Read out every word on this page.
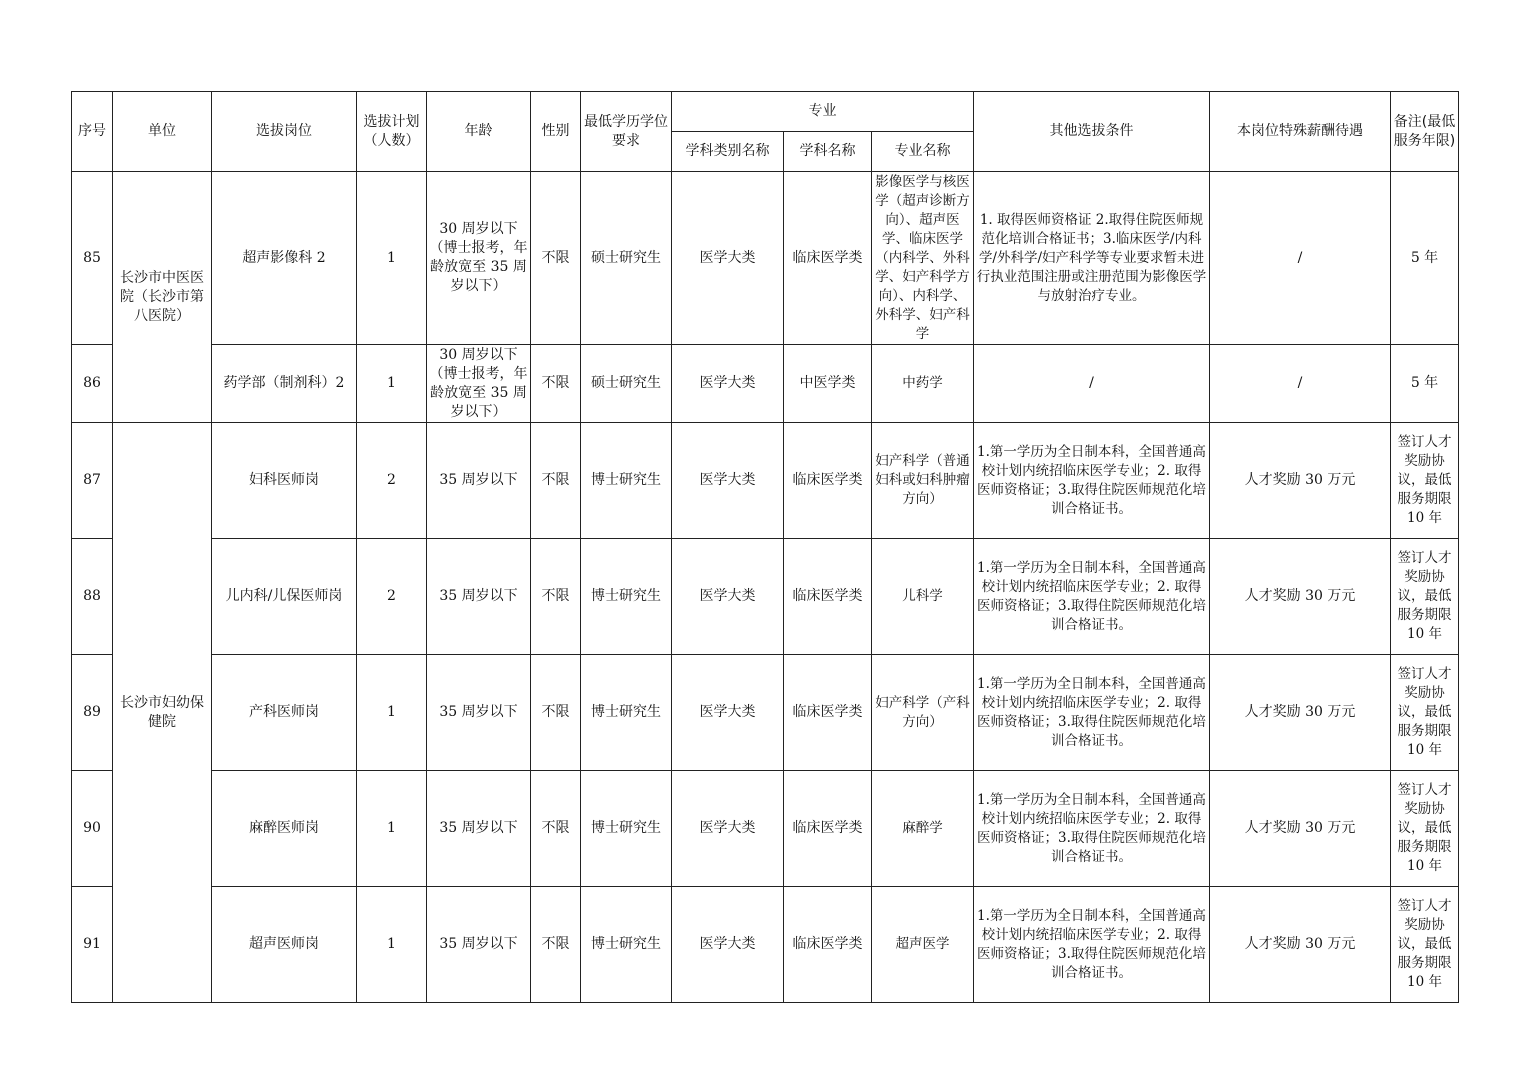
序号	单位	选拔岗位	选拔计划（人数）	年龄	性别	最低学历学位要求	专业			其他选拔条件	本岗位特殊薪酬待遇	备注(最低服务年限)
							学科类别名称	学科名称	专业名称			
85	长沙市中医医院（长沙市第八医院）	超声影像科 2	1	30 周岁以下（博士报考，年龄放宽至 35 周岁以下）	不限	硕士研究生	医学大类	临床医学类	影像医学与核医学（超声诊断方向）、超声医学、临床医学（内科学、外科学、妇产科学方向）、内科学、外科学、妇产科学	1. 取得医师资格证 2.取得住院医师规范化培训合格证书；3.临床医学/内科学/外科学/妇产科学等专业要求暂未进行执业范围注册或注册范围为影像医学与放射治疗专业。	/	5 年
86		药学部（制剂科）2	1	30 周岁以下（博士报考，年龄放宽至 35 周岁以下）	不限	硕士研究生	医学大类	中医学类	中药学	/	/	5 年
87	长沙市妇幼保健院	妇科医师岗	2	35 周岁以下	不限	博士研究生	医学大类	临床医学类	妇产科学（普通妇科或妇科肿瘤方向）	1.第一学历为全日制本科，全国普通高校计划内统招临床医学专业；2. 取得医师资格证；3.取得住院医师规范化培训合格证书。	人才奖励 30 万元	签订人才奖励协议，最低服务期限 10 年
88		儿内科/儿保医师岗	2	35 周岁以下	不限	博士研究生	医学大类	临床医学类	儿科学	1.第一学历为全日制本科，全国普通高校计划内统招临床医学专业；2. 取得医师资格证；3.取得住院医师规范化培训合格证书。	人才奖励 30 万元	签订人才奖励协议，最低服务期限 10 年
89		产科医师岗	1	35 周岁以下	不限	博士研究生	医学大类	临床医学类	妇产科学（产科方向）	1.第一学历为全日制本科，全国普通高校计划内统招临床医学专业；2. 取得医师资格证；3.取得住院医师规范化培训合格证书。	人才奖励 30 万元	签订人才奖励协议，最低服务期限 10 年
90		麻醉医师岗	1	35 周岁以下	不限	博士研究生	医学大类	临床医学类	麻醉学	1.第一学历为全日制本科，全国普通高校计划内统招临床医学专业；2. 取得医师资格证；3.取得住院医师规范化培训合格证书。	人才奖励 30 万元	签订人才奖励协议，最低服务期限 10 年
91		超声医师岗	1	35 周岁以下	不限	博士研究生	医学大类	临床医学类	超声医学	1.第一学历为全日制本科，全国普通高校计划内统招临床医学专业；2. 取得医师资格证；3.取得住院医师规范化培训合格证书。	人才奖励 30 万元	签订人才奖励协议，最低服务期限 10 年
